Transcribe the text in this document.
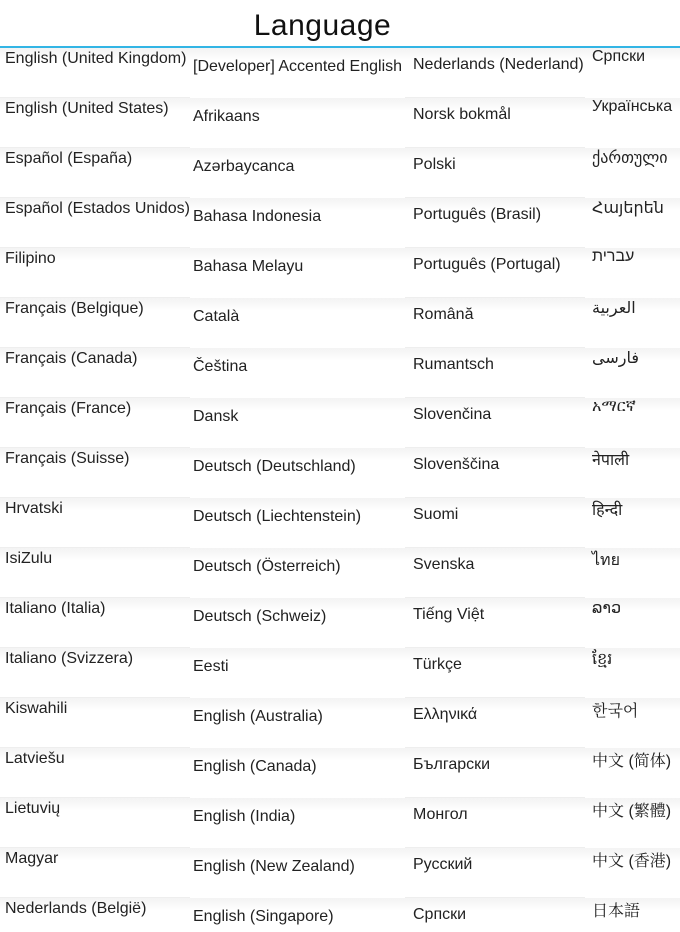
Language
English (United Kingdom)
English (United States)
Español (España)
Español (Estados Unidos)
Filipino
Français (Belgique)
Français (Canada)
Français (France)
Français (Suisse)
Hrvatski
IsiZulu
Italiano (Italia)
Italiano (Svizzera)
Kiswahili
Latviešu
Lietuvių
Magyar
Nederlands (België)
[Developer] Accented English
Afrikaans
Azərbaycanca
Bahasa Indonesia
Bahasa Melayu
Català
Čeština
Dansk
Deutsch (Deutschland)
Deutsch (Liechtenstein)
Deutsch (Österreich)
Deutsch (Schweiz)
Eesti
English (Australia)
English (Canada)
English (India)
English (New Zealand)
English (Singapore)
Nederlands (Nederland)
Norsk bokmål
Polski
Português (Brasil)
Português (Portugal)
Română
Rumantsch
Slovenčina
Slovenščina
Suomi
Svenska
Tiếng Việt
Türkçe
Ελληνικά
Български
Монгол
Русский
Српски
Српски
Українська
ქართული
Հայերեն
עברית
العربية
فارسی
አማርኛ
नेपाली
हिन्दी
ไทย
ລາວ
ខ្មែរ
한국어
中文 (简体)
中文 (繁體)
中文 (香港)
日本語
